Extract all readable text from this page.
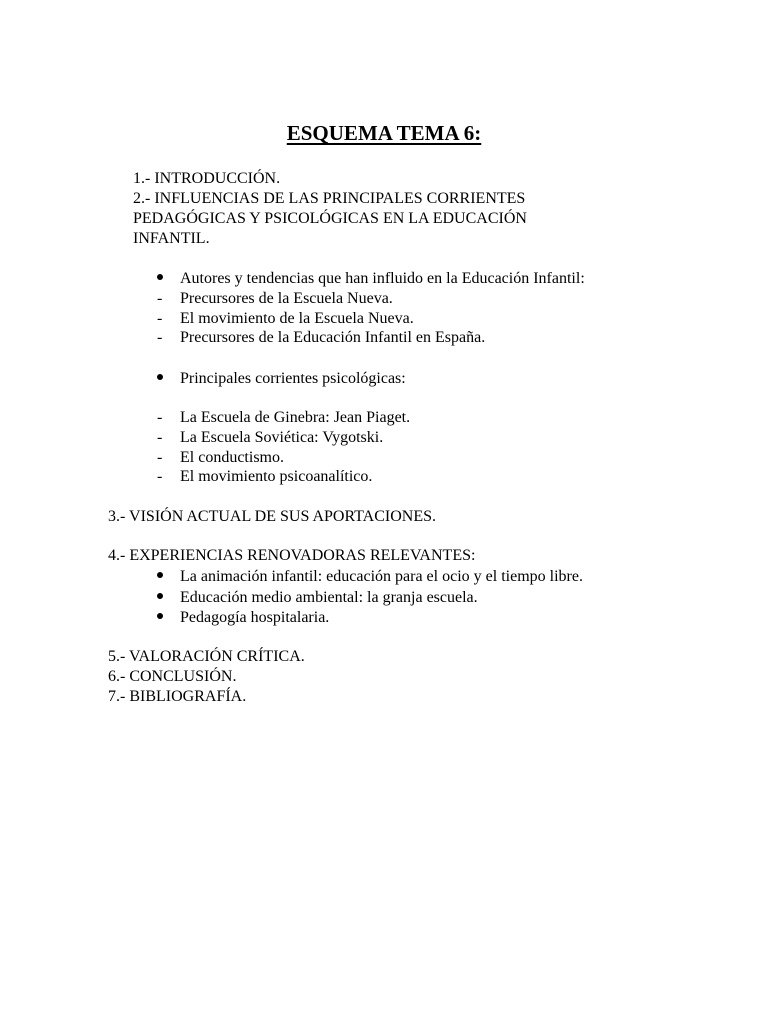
ESQUEMA TEMA 6:

1.- INTRODUCCIÓN.

2.- INFLUENCIAS DE LAS PRINCIPALES CORRIENTES

PEDAGÓGICAS Y PSICOLÓGICAS EN LA EDUCACIÓN

INFANTIL.

Autores y tendencias que han influido en la Educación Infantil:

- Precursores de la Escuela Nueva.

- El movimiento de la Escuela Nueva.

- Precursores de la Educación Infantil en España.

Principales corrientes psicológicas:

- La Escuela de Ginebra: Jean Piaget.

- La Escuela Soviética: Vygotski.

- El conductismo.

- El movimiento psicoanalítico.

3.- VISIÓN ACTUAL DE SUS APORTACIONES.

4.- EXPERIENCIAS RENOVADORAS RELEVANTES:

La animación infantil: educación para el ocio y el tiempo libre.

Educación medio ambiental: la granja escuela.

Pedagogía hospitalaria.

5.- VALORACIÓN CRÍTICA.

6.- CONCLUSIÓN.

7.- BIBLIOGRAFÍA.
